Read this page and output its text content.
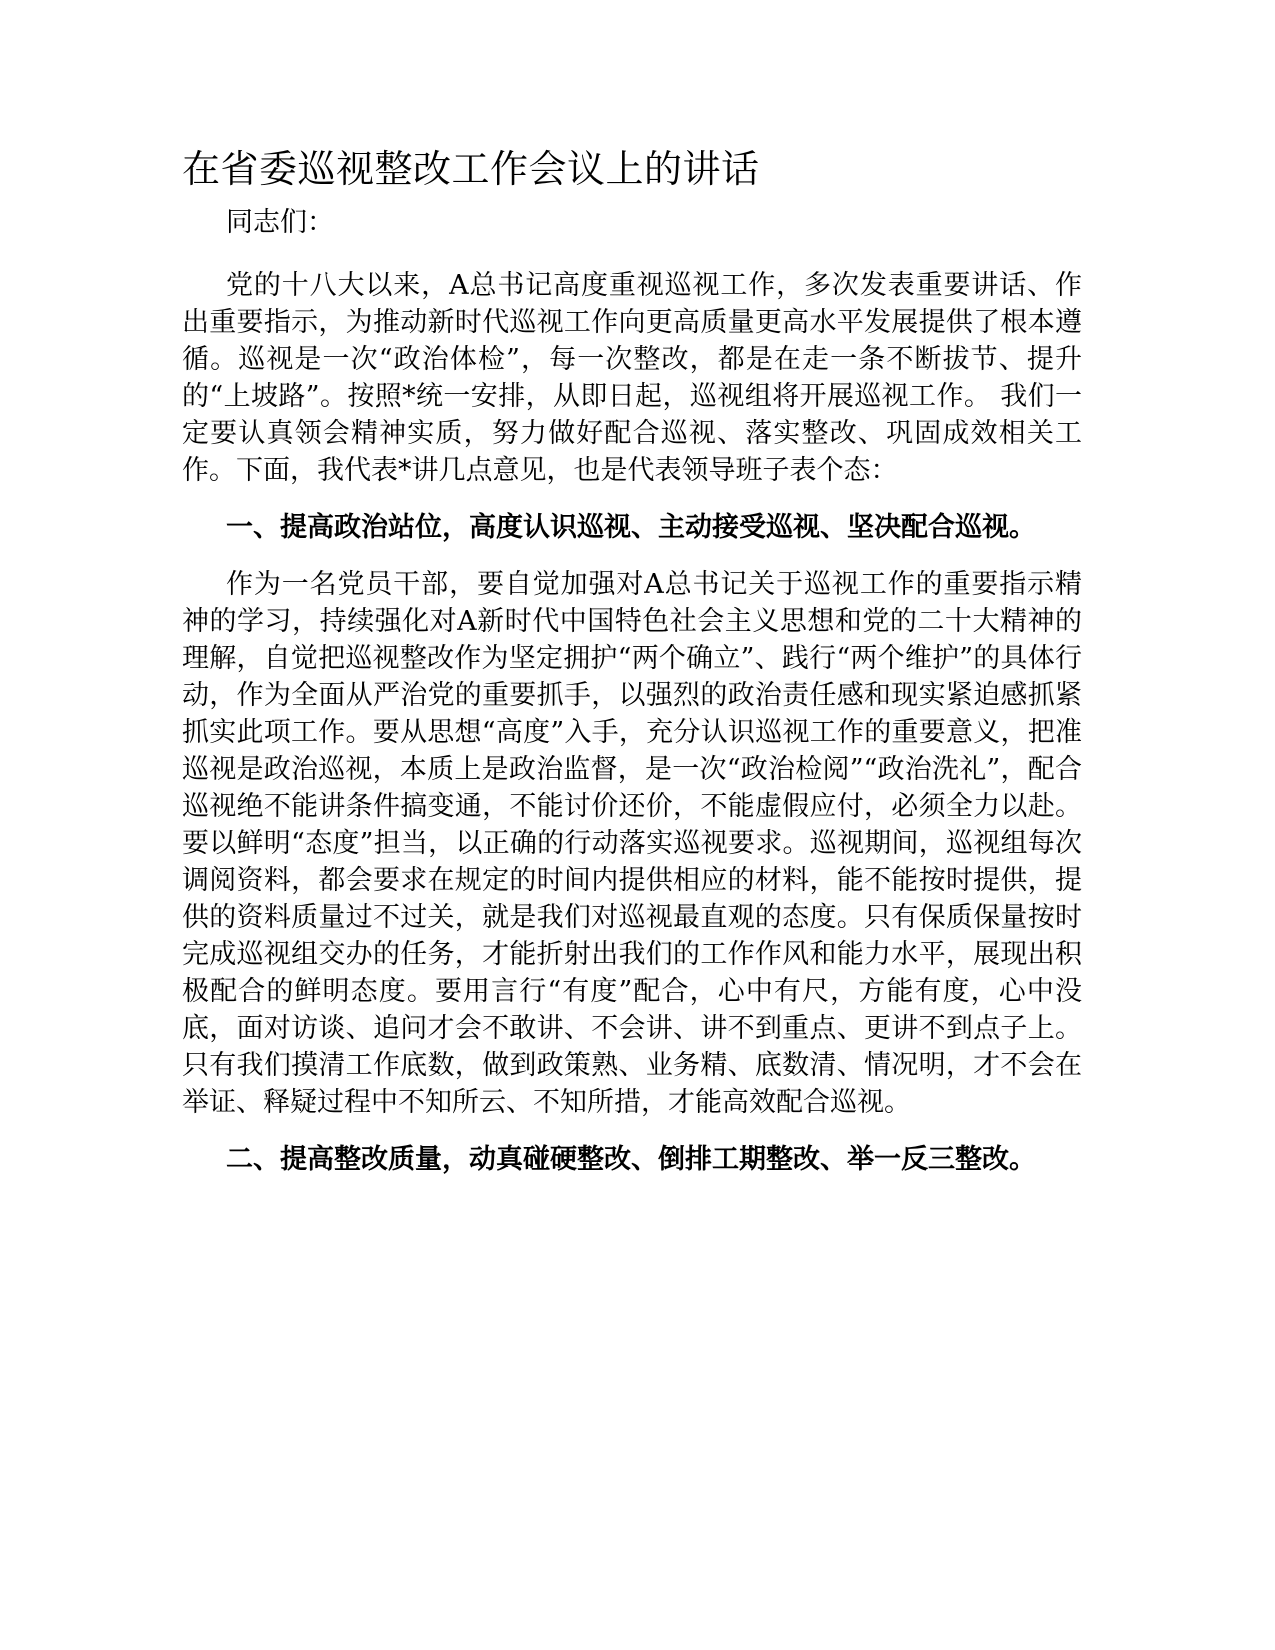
在省委巡视整改工作会议上的讲话

同志们：

党的十八大以来，A总书记高度重视巡视工作，多次发表重要讲话、作出重要指示，为推动新时代巡视工作向更高质量更高水平发展提供了根本遵循。巡视是一次“政治体检”，每一次整改，都是在走一条不断拔节、提升的“上坡路”。按照*统一安排，从即日起，巡视组将开展巡视工作。 我们一定要认真领会精神实质，努力做好配合巡视、落实整改、巩固成效相关工作。下面，我代表*讲几点意见，也是代表领导班子表个态：

一、提高政治站位，高度认识巡视、主动接受巡视、坚决配合巡视。

作为一名党员干部，要自觉加强对A总书记关于巡视工作的重要指示精神的学习，持续强化对A新时代中国特色社会主义思想和党的二十大精神的理解，自觉把巡视整改作为坚定拥护“两个确立”、践行“两个维护”的具体行动，作为全面从严治党的重要抓手，以强烈的政治责任感和现实紧迫感抓紧抓实此项工作。要从思想“高度”入手，充分认识巡视工作的重要意义，把准巡视是政治巡视，本质上是政治监督，是一次“政治检阅”“政治洗礼”，配合巡视绝不能讲条件搞变通，不能讨价还价，不能虚假应付，必须全力以赴。要以鲜明“态度”担当，以正确的行动落实巡视要求。巡视期间，巡视组每次调阅资料，都会要求在规定的时间内提供相应的材料，能不能按时提供，提供的资料质量过不过关，就是我们对巡视最直观的态度。只有保质保量按时完成巡视组交办的任务，才能折射出我们的工作作风和能力水平，展现出积极配合的鲜明态度。要用言行“有度”配合，心中有尺，方能有度，心中没底，面对访谈、追问才会不敢讲、不会讲、讲不到重点、更讲不到点子上。只有我们摸清工作底数，做到政策熟、业务精、底数清、情况明，才不会在举证、释疑过程中不知所云、不知所措，才能高效配合巡视。

二、提高整改质量，动真碰硬整改、倒排工期整改、举一反三整改。
